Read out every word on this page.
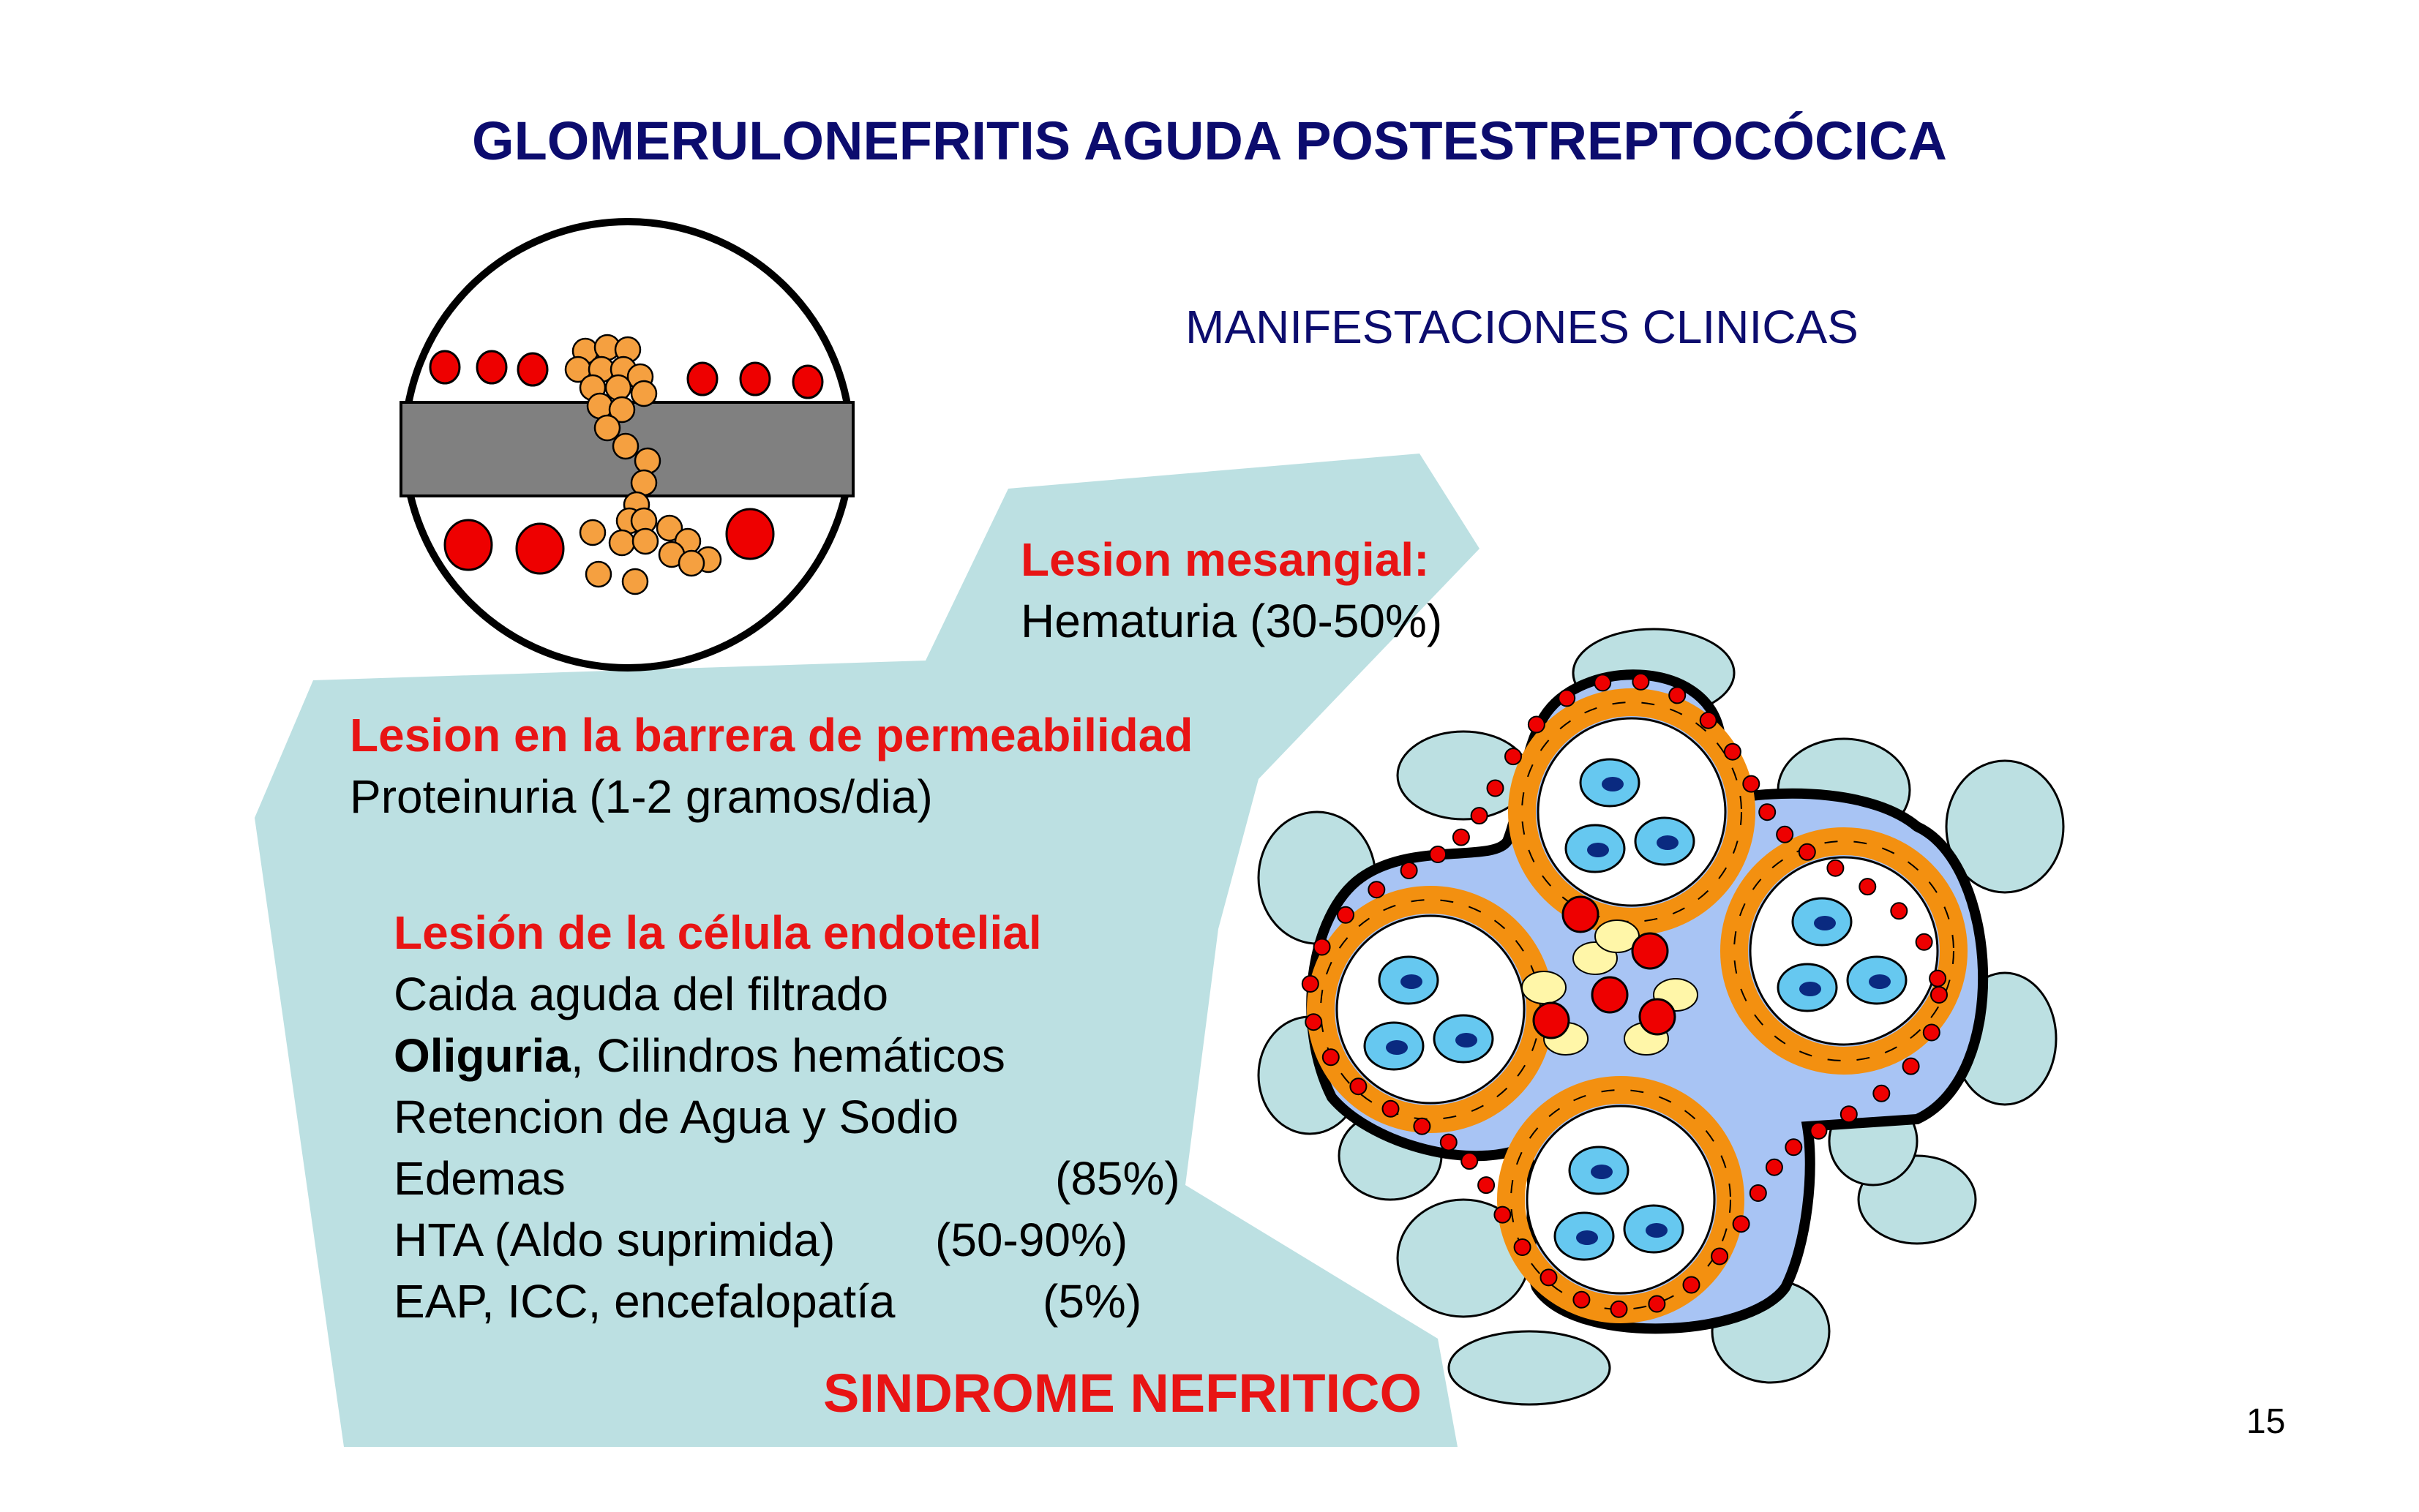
GLOMERULONEFRITIS AGUDA POSTESTREPTOCÓCICA
MANIFESTACIONES CLINICAS
Lesion mesangial:
Hematuria (30-50%)
Lesion en la barrera de permeabilidad
Proteinuria (1-2 gramos/dia)
Lesión de la célula endotelial
Caida aguda del filtrado
Oliguria, Cilindros hemáticos
Retencion de Agua y Sodio
Edemas	(85%)
HTA (Aldo suprimida) (50-90%)
EAP, ICC, encefalopatía	(5%)
SINDROME NEFRITICO	15
